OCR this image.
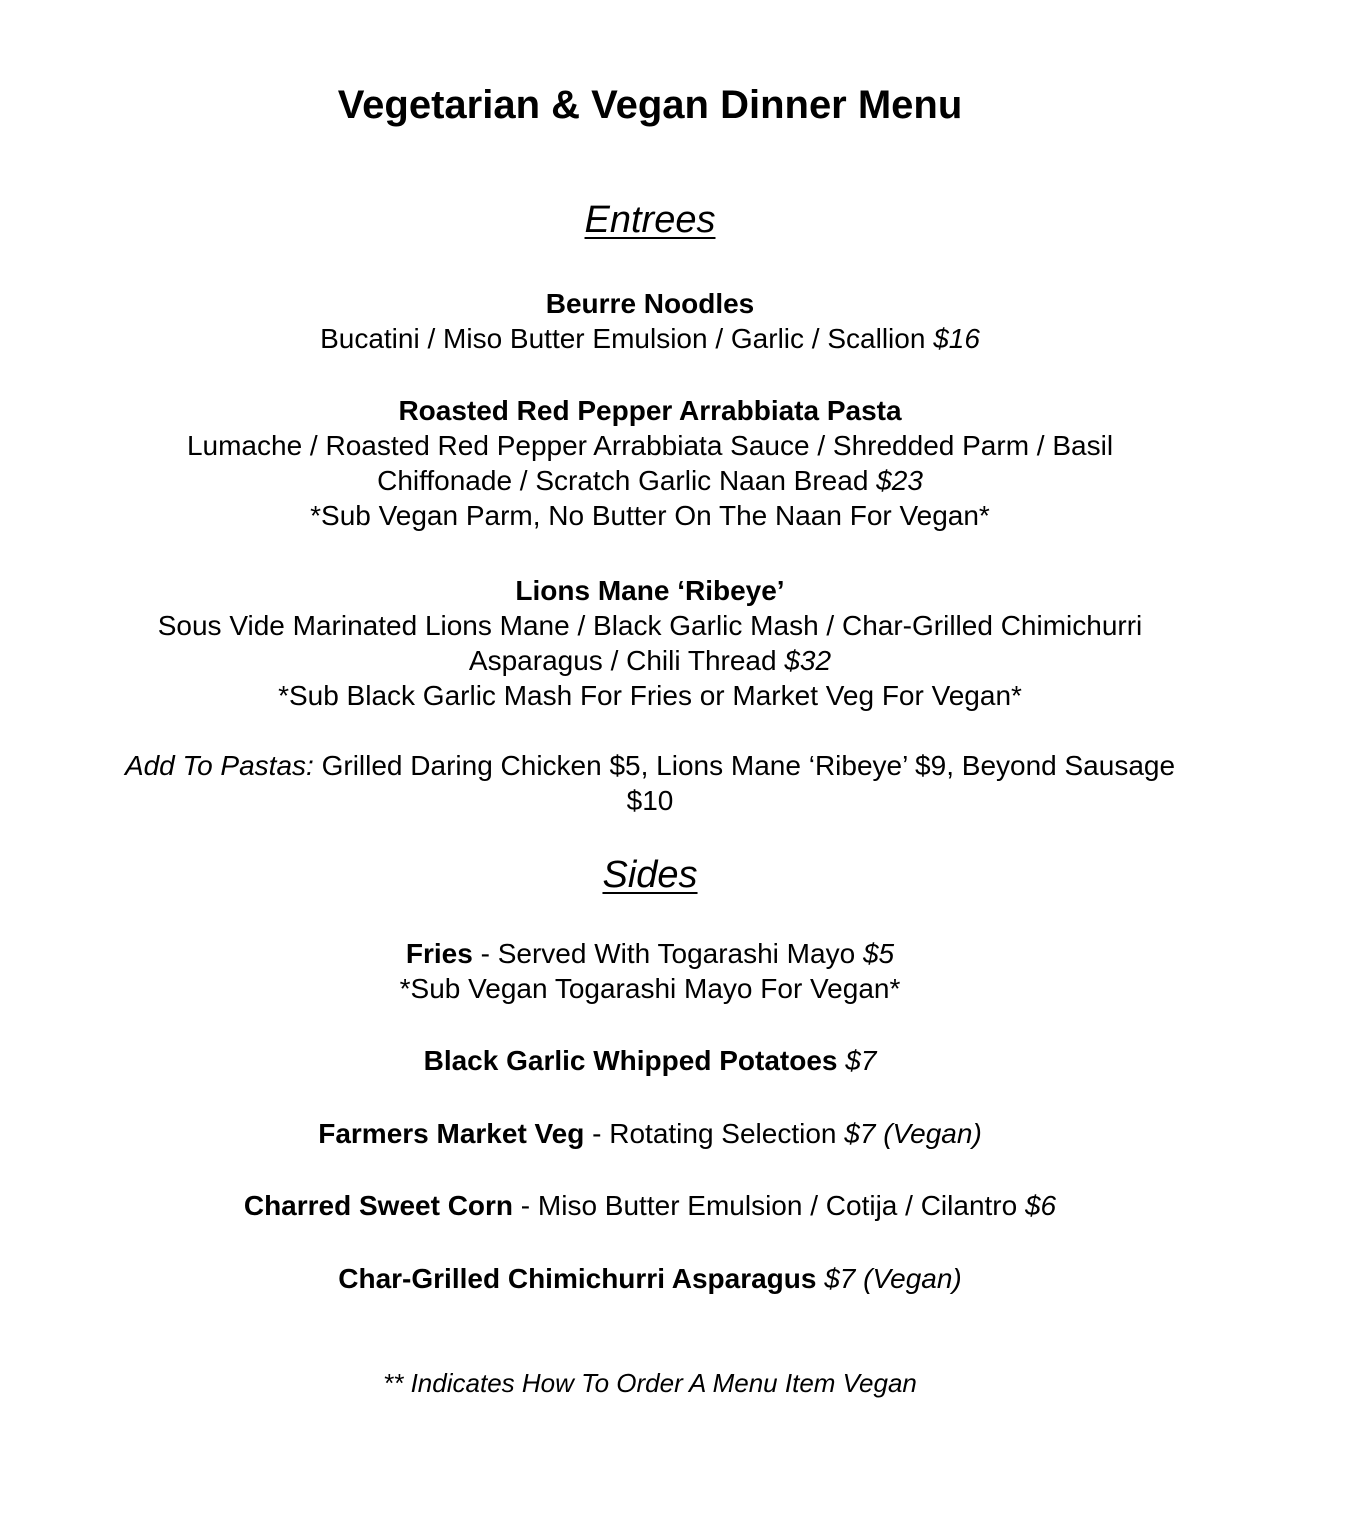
Vegetarian & Vegan Dinner Menu
Entrees
Beurre Noodles
Bucatini / Miso Butter Emulsion / Garlic / Scallion $16
Roasted Red Pepper Arrabbiata Pasta
Lumache / Roasted Red Pepper Arrabbiata Sauce / Shredded Parm / Basil
Chiffonade / Scratch Garlic Naan Bread $23
*Sub Vegan Parm, No Butter On The Naan For Vegan*
Lions Mane ‘Ribeye’
Sous Vide Marinated Lions Mane / Black Garlic Mash / Char-Grilled Chimichurri
Asparagus / Chili Thread $32
*Sub Black Garlic Mash For Fries or Market Veg For Vegan*
Add To Pastas: Grilled Daring Chicken $5, Lions Mane ‘Ribeye’ $9, Beyond Sausage
$10
Sides
Fries - Served With Togarashi Mayo $5
*Sub Vegan Togarashi Mayo For Vegan*
Black Garlic Whipped Potatoes $7
Farmers Market Veg - Rotating Selection $7 (Vegan)
Charred Sweet Corn - Miso Butter Emulsion / Cotija / Cilantro $6
Char-Grilled Chimichurri Asparagus $7 (Vegan)
** Indicates How To Order A Menu Item Vegan
